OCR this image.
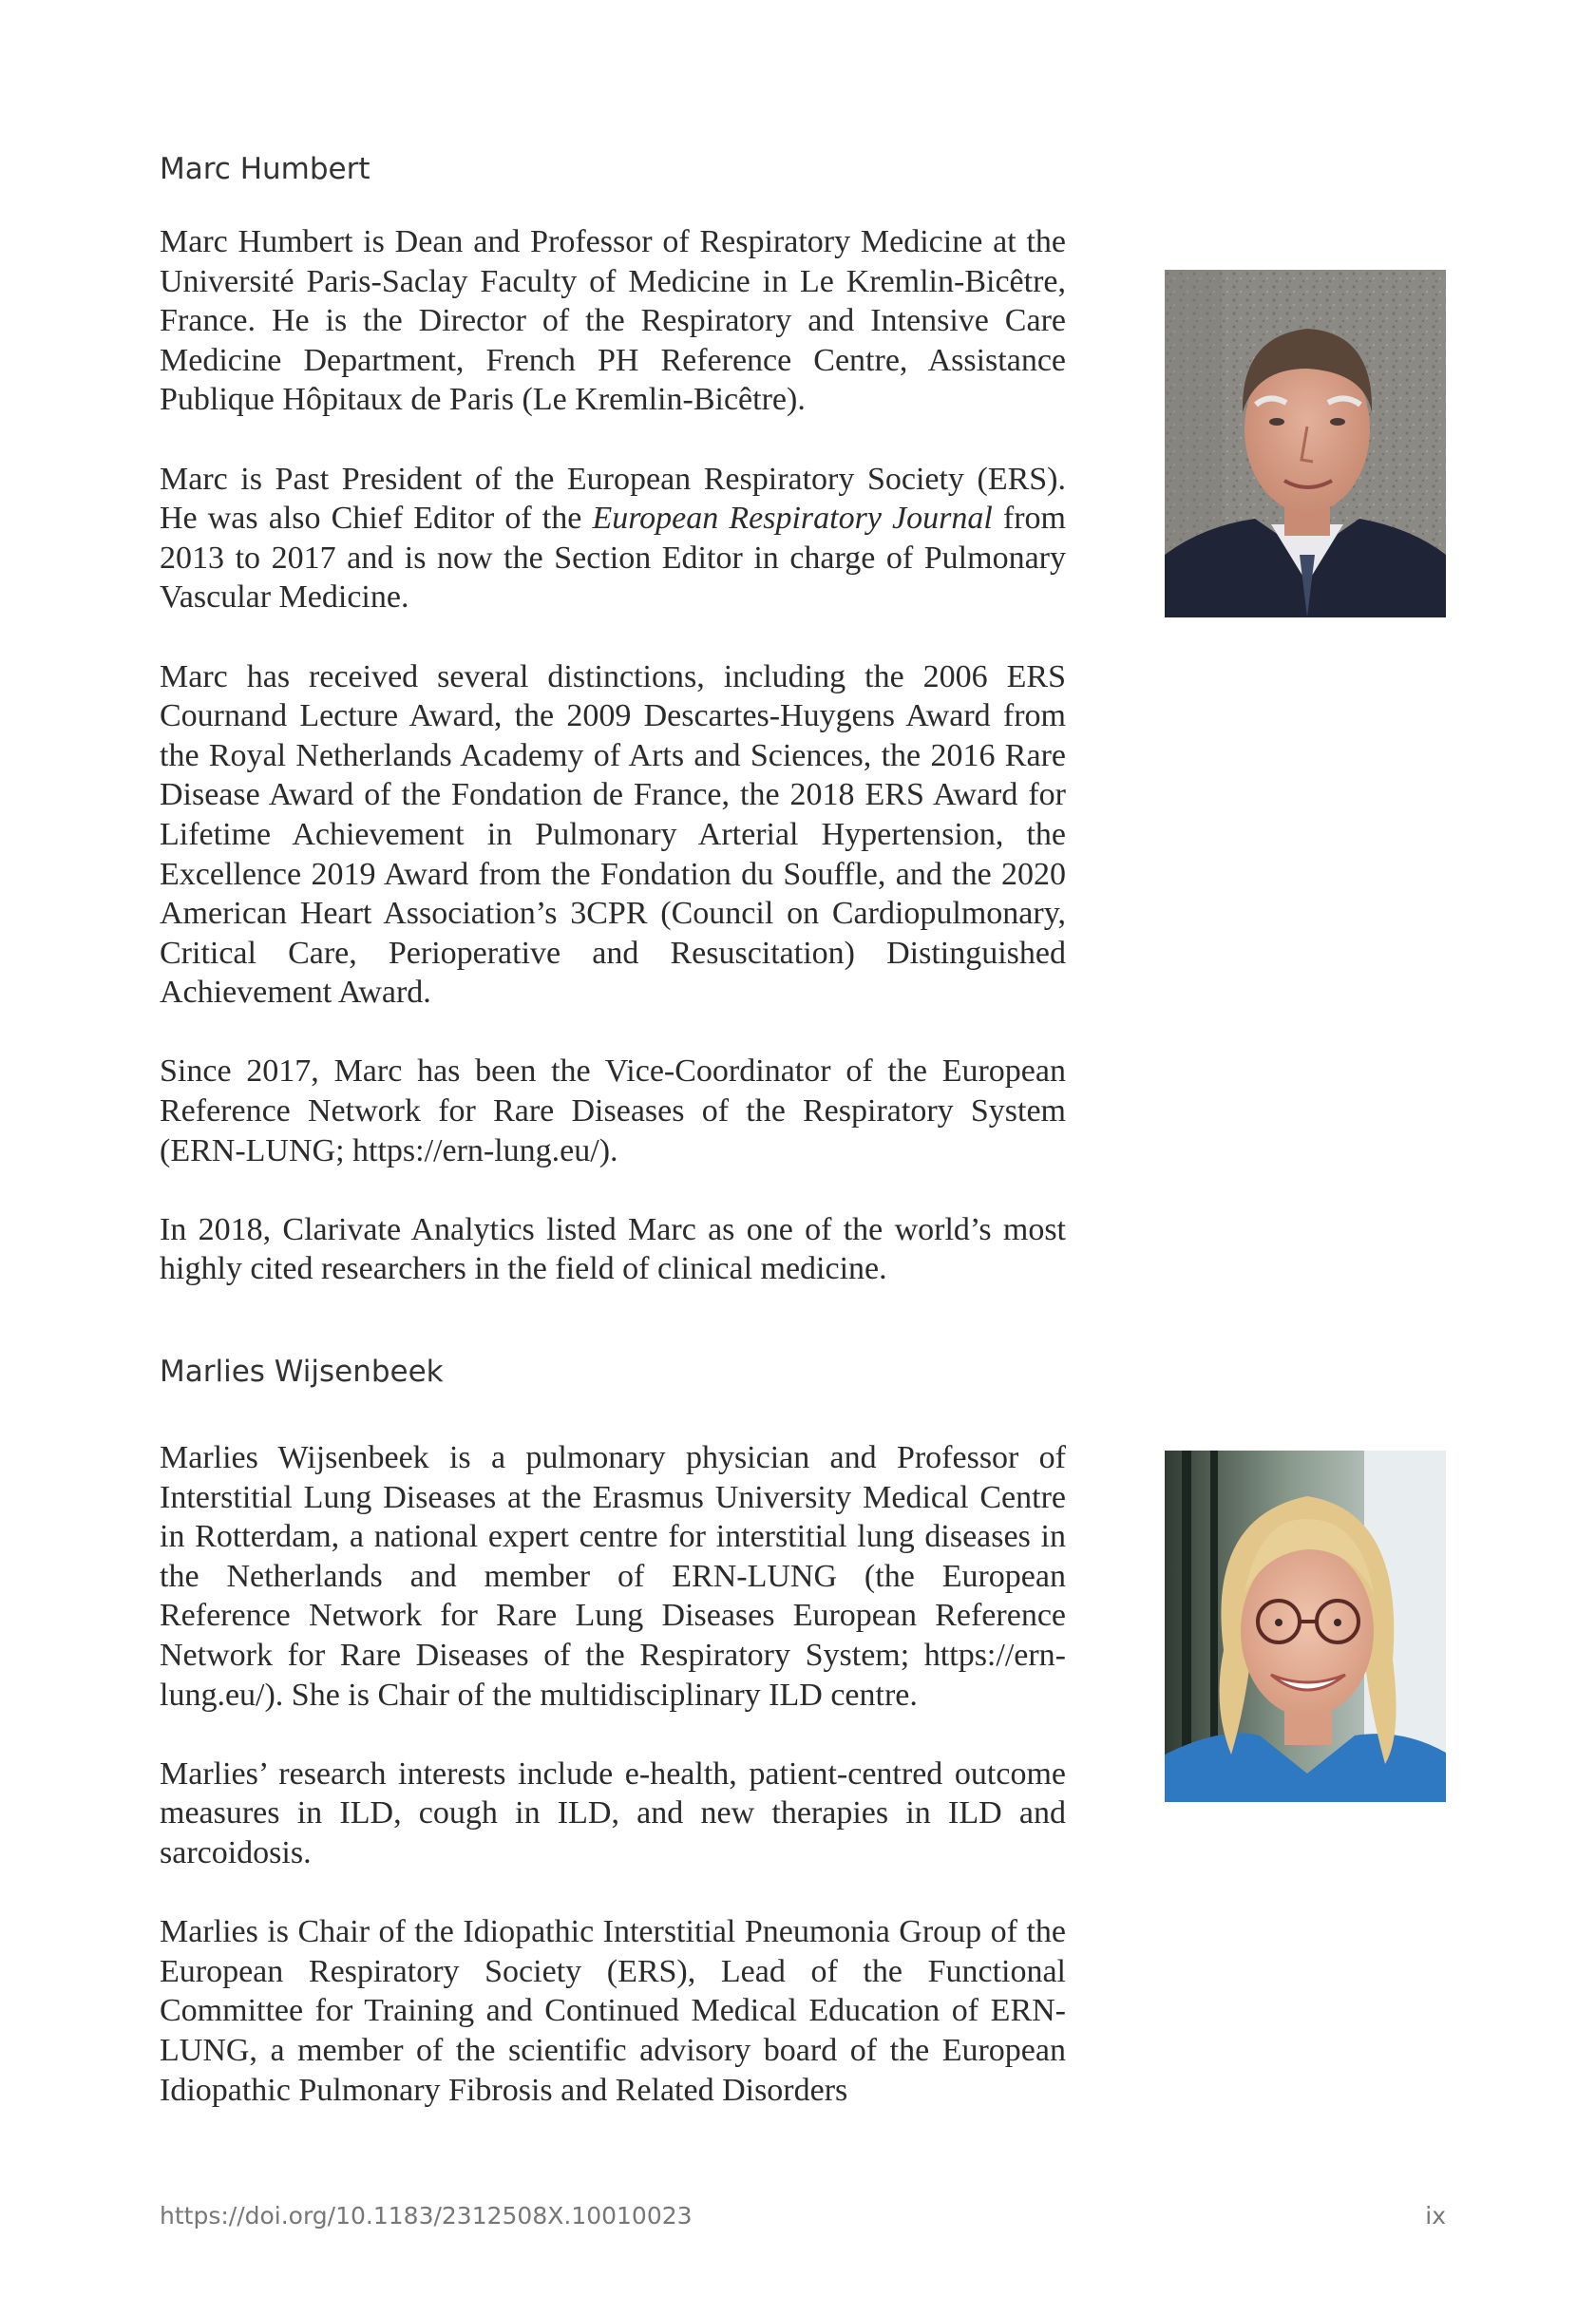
Marc Humbert

Marc Humbert is Dean and Professor of Respiratory Medicine at the Université Paris-Saclay Faculty of Medicine in Le Kremlin-Bicêtre, France. He is the Director of the Respiratory and Intensive Care Medicine Department, French PH Reference Centre, Assistance Publique Hôpitaux de Paris (Le Kremlin-Bicêtre).

Marc is Past President of the European Respiratory Society (ERS). He was also Chief Editor of the European Respiratory Journal from 2013 to 2017 and is now the Section Editor in charge of Pulmonary Vascular Medicine.

Marc has received several distinctions, including the 2006 ERS Cournand Lecture Award, the 2009 Descartes-Huygens Award from the Royal Netherlands Academy of Arts and Sciences, the 2016 Rare Disease Award of the Fondation de France, the 2018 ERS Award for Lifetime Achievement in Pulmonary Arterial Hypertension, the Excellence 2019 Award from the Fondation du Souffle, and the 2020 American Heart Association’s 3CPR (Council on Cardiopulmonary, Critical Care, Perioperative and Resuscitation) Distinguished Achievement Award.

Since 2017, Marc has been the Vice-Coordinator of the European Reference Network for Rare Diseases of the Respiratory System (ERN-LUNG; https://ern-lung.eu/).

In 2018, Clarivate Analytics listed Marc as one of the world’s most highly cited researchers in the field of clinical medicine.

Marlies Wijsenbeek

Marlies Wijsenbeek is a pulmonary physician and Professor of Interstitial Lung Diseases at the Erasmus University Medical Centre in Rotterdam, a national expert centre for interstitial lung diseases in the Netherlands and member of ERN-LUNG (the European Reference Network for Rare Lung Diseases European Reference Network for Rare Diseases of the Respiratory System; https://ern-lung.eu/). She is Chair of the multidisciplinary ILD centre.

Marlies’ research interests include e-health, patient-centred outcome measures in ILD, cough in ILD, and new therapies in ILD and sarcoidosis.

Marlies is Chair of the Idiopathic Interstitial Pneumonia Group of the European Respiratory Society (ERS), Lead of the Functional Committee for Training and Continued Medical Education of ERN-LUNG, a member of the scientific advisory board of the European Idiopathic Pulmonary Fibrosis and Related Disorders

https://doi.org/10.1183/2312508X.10010023	ix
